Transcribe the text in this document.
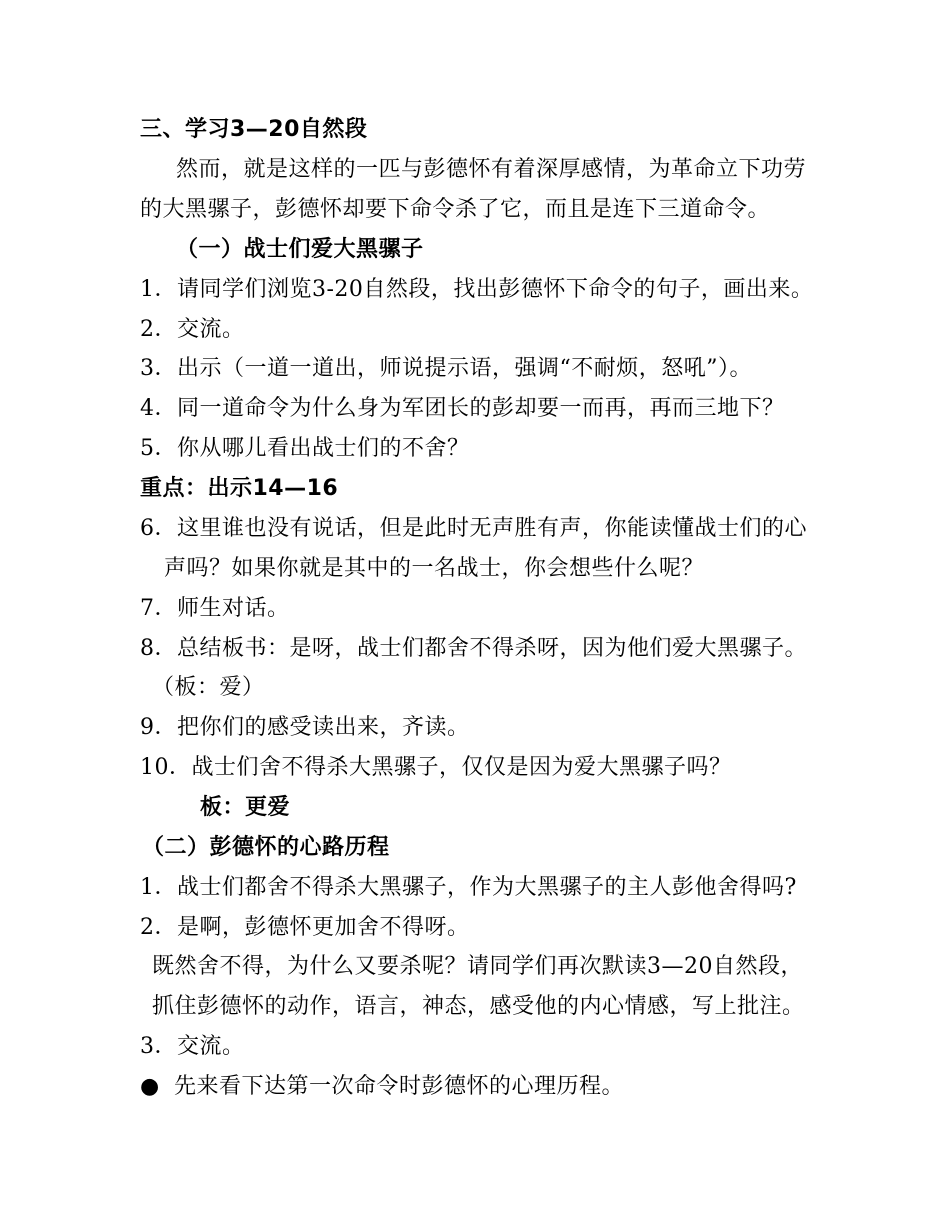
三、学习3—20自然段
然而，就是这样的一匹与彭德怀有着深厚感情，为革命立下功劳
的大黑骡子，彭德怀却要下命令杀了它，而且是连下三道命令。
（一）战士们爱大黑骡子
1．请同学们浏览3-20自然段，找出彭德怀下命令的句子，画出来。
2．交流。
3．出示（一道一道出，师说提示语，强调“不耐烦，怒吼”）。
4．同一道命令为什么身为军团长的彭却要一而再，再而三地下？
5．你从哪儿看出战士们的不舍？
重点：出示14—16
6．这里谁也没有说话，但是此时无声胜有声，你能读懂战士们的心
声吗？如果你就是其中的一名战士，你会想些什么呢？
7．师生对话。
8．总结板书：是呀，战士们都舍不得杀呀，因为他们爱大黑骡子。
（板：爱）
9．把你们的感受读出来，齐读。
10．战士们舍不得杀大黑骡子，仅仅是因为爱大黑骡子吗？
板：更爱
（二）彭德怀的心路历程
1．战士们都舍不得杀大黑骡子，作为大黑骡子的主人彭他舍得吗?
2．是啊，彭德怀更加舍不得呀。
既然舍不得，为什么又要杀呢？请同学们再次默读3—20自然段，
抓住彭德怀的动作，语言，神态，感受他的内心情感，写上批注。
3．交流。
● 先来看下达第一次命令时彭德怀的心理历程。
